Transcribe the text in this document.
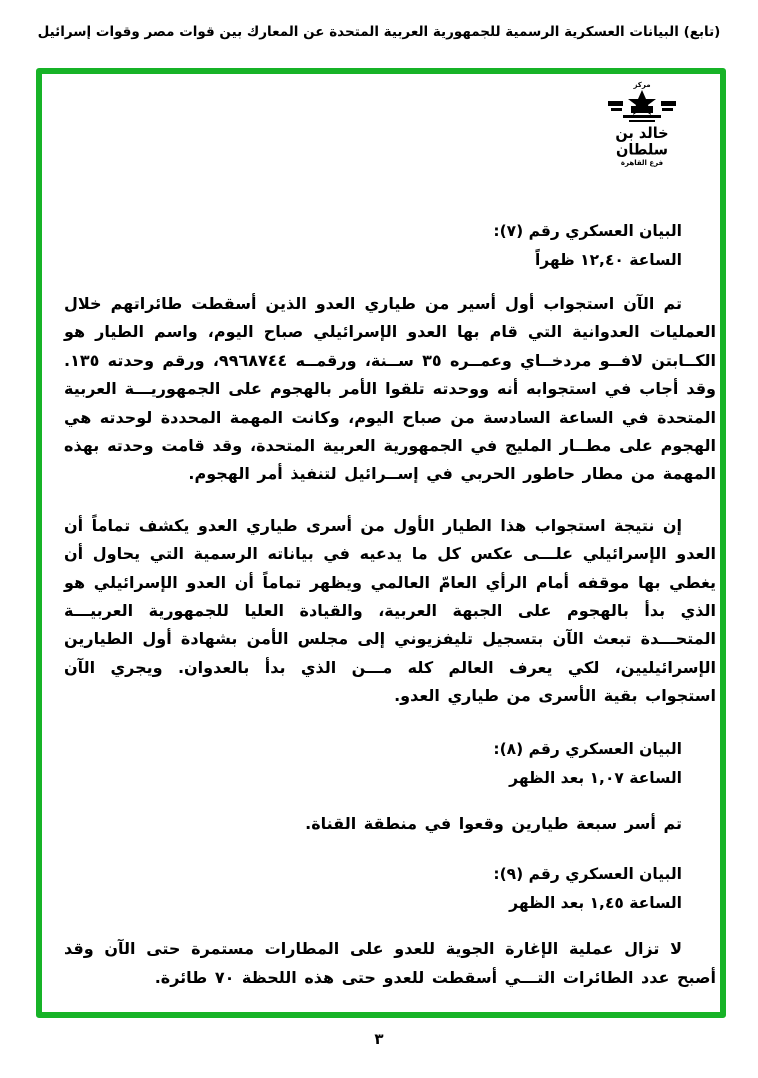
(تابع) البيانات العسكرية الرسمية للجمهورية العربية المتحدة عن المعارك بين قوات مصر وقوات إسرائيل
مركز
خالد بن سلطان
فرع القاهرة
البيان العسكري رقم (٧):
الساعة ١٢,٤٠ ظهراً

تم الآن استجواب أول أسير من طياري العدو الذين أسقطت طائراتهم خلال العمليات العدوانية التي قام بها العدو الإسرائيلي صباح اليوم، واسم الطيار هو الكــابتن لافــو مردخــاي وعمــره ٣٥ ســنة، ورقمــه ٩٩٦٨٧٤٤، ورقم وحدته ١٣٥. وقد أجاب في استجوابه أنه ووحدته تلقوا الأمر بالهجوم على الجمهوريـــة العربية المتحدة في الساعة السادسة من صباح اليوم، وكانت المهمة المحددة لوحدته هي الهجوم على مطــار المليج في الجمهورية العربية المتحدة، وقد قامت وحدته بهذه المهمة من مطار حاطور الحربي في إســرائيل لتنفيذ أمر الهجوم.

إن نتيجة استجواب هذا الطيار الأول من أسرى طياري العدو يكشف تماماً أن العدو الإسرائيلي علـــى عكس كل ما يدعيه في بياناته الرسمية التي يحاول أن يغطي بها موقفه أمام الرأي العامّ العالمي ويظهر تماماً أن العدو الإسرائيلي هو الذي بدأ بالهجوم على الجبهة العربية، والقيادة العليا للجمهورية العربيـــة المتحـــدة تبعث الآن بتسجيل تليفزيوني إلى مجلس الأمن بشهادة أول الطيارين الإسرائيليين، لكي يعرف العالم كله مـــن الذي بدأ بالعدوان. ويجري الآن استجواب بقية الأسرى من طياري العدو.

البيان العسكري رقم (٨):
الساعة ١,٠٧ بعد الظهر

تم أسر سبعة طيارين وقعوا في منطقة القناة.

البيان العسكري رقم (٩):
الساعة ١,٤٥ بعد الظهر

لا تزال عملية الإغارة الجوية للعدو على المطارات مستمرة حتى الآن وقد أصبح عدد الطائرات التـــي أسقطت للعدو حتى هذه اللحظة ٧٠ طائرة.

٣
